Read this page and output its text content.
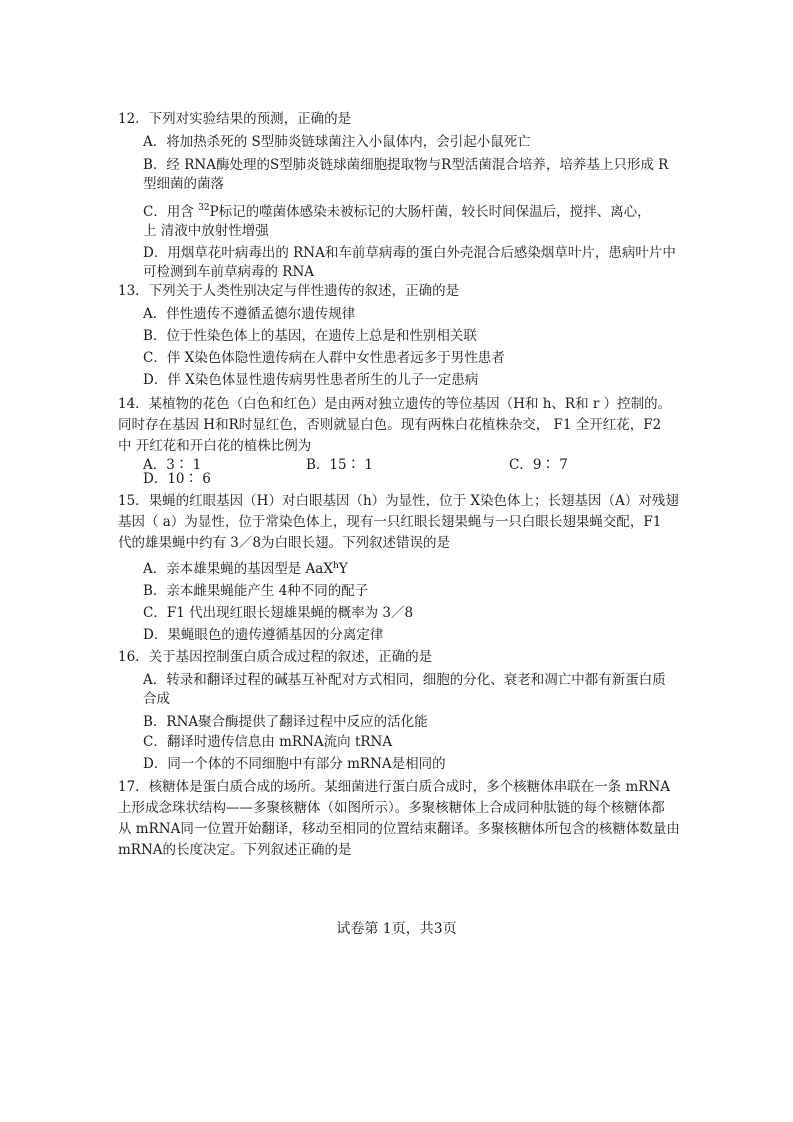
12．下列对实验结果的预测，正确的是
A．将加热杀死的 S型肺炎链球菌注入小鼠体内，会引起小鼠死亡
B．经 RNA酶处理的S型肺炎链球菌细胞提取物与R型活菌混合培养，培养基上只形成 R
型细菌的菌落
C．用含 $^{32}$P标记的噬菌体感染未被标记的大肠杆菌，较长时间保温后，搅拌、离心，
上 清液中放射性增强
D．用烟草花叶病毒出的 RNA和车前草病毒的蛋白外壳混合后感染烟草叶片，患病叶片中
可检测到车前草病毒的 RNA
13．下列关于人类性别决定与伴性遗传的叙述，正确的是
A．伴性遗传不遵循孟德尔遗传规律
B．位于性染色体上的基因，在遗传上总是和性别相关联
C．伴 X染色体隐性遗传病在人群中女性患者远多于男性患者
D．伴 X染色体显性遗传病男性患者所生的儿子一定患病
14．某植物的花色（白色和红色）是由两对独立遗传的等位基因（H和 h、R和 r ）控制的。
同时存在基因 H和R时显红色，否则就显白色。现有两株白花植株杂交， F1 全开红花，F2
中 开红花和开白花的植株比例为
A．3∶ 1	B．15∶ 1	C．9∶ 7
D．10∶ 6
15．果蝇的红眼基因（H）对白眼基因（h）为显性，位于 X染色体上；长翅基因（A）对残翅
基因（ a）为显性，位于常染色体上，现有一只红眼长翅果蝇与一只白眼长翅果蝇交配，F1
代的雄果蝇中约有 3／8为白眼长翅。下列叙述错误的是
A．亲本雄果蝇的基因型是 AaX$^h$Y
B．亲本雌果蝇能产生 4种不同的配子
C．F1 代出现红眼长翅雄果蝇的概率为 3／8
D．果蝇眼色的遗传遵循基因的分离定律
16．关于基因控制蛋白质合成过程的叙述，正确的是
A．转录和翻译过程的碱基互补配对方式相同，细胞的分化、衰老和凋亡中都有新蛋白质
合成
B．RNA聚合酶提供了翻译过程中反应的活化能
C．翻译时遗传信息由 mRNA流向 tRNA
D．同一个体的不同细胞中有部分 mRNA是相同的
17．核糖体是蛋白质合成的场所。某细菌进行蛋白质合成时，多个核糖体串联在一条 mRNA
上形成念珠状结构——多聚核糖体（如图所示）。多聚核糖体上合成同种肽链的每个核糖体都
从 mRNA同一位置开始翻译，移动至相同的位置结束翻译。多聚核糖体所包含的核糖体数量由
mRNA的长度决定。下列叙述正确的是
试卷第 1页，共3页
